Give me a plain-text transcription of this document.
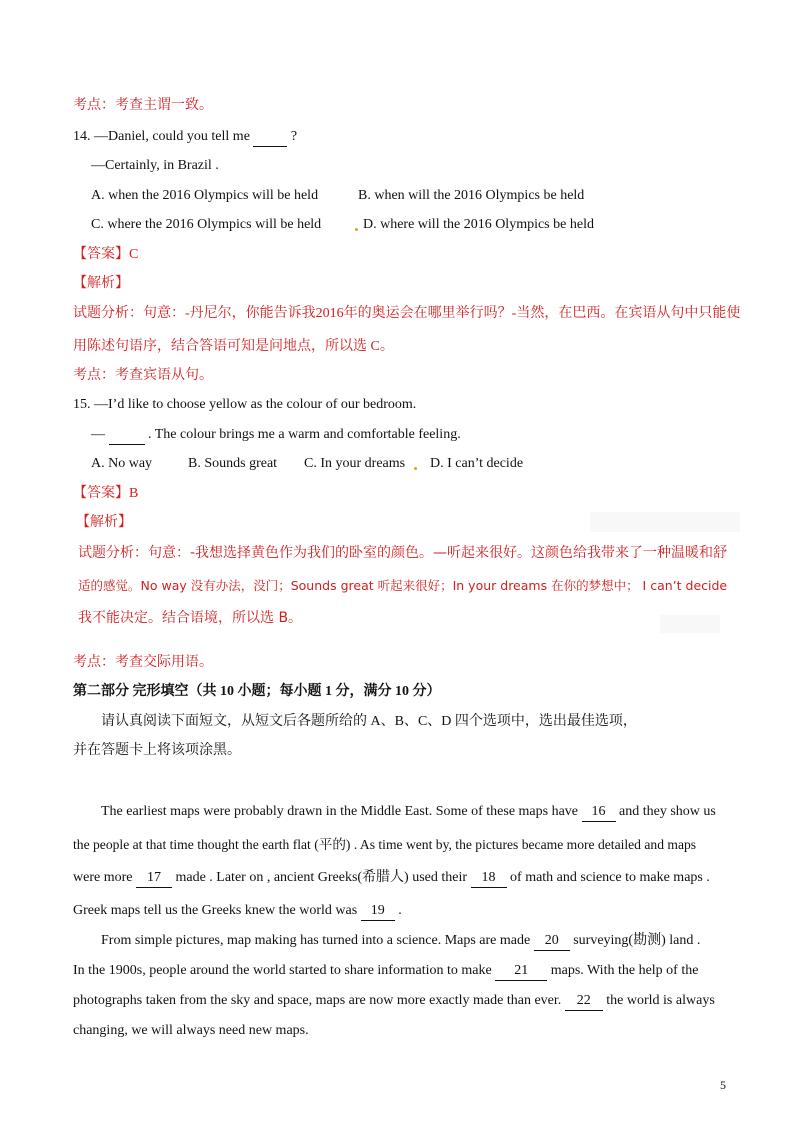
考点：考查主谓一致。
14. —Daniel, could you tell me	?
—Certainly, in Brazil .
A. when the 2016 Olympics will be held	B. when will the 2016 Olympics be held
C. where the 2016 Olympics will be held	D. where will the 2016 Olympics be held
【答案】C
【解析】
试题分析：句意：-丹尼尔，你能告诉我2016年的奥运会在哪里举行吗？-当然，在巴西。在宾语从句中只能使
用陈述句语序，结合答语可知是问地点，所以选 C。
考点：考查宾语从句。
15. —I’d like to choose yellow as the colour of our bedroom.
—	. The colour brings me a warm and comfortable feeling.
A. No way	B. Sounds great C. In your dreams D. I can’t decide
【答案】B
【解析】
试题分析：句意：-我想选择黄色作为我们的卧室的颜色。—听起来很好。这颜色给我带来了一种温暖和舒
适的感觉。No way 没有办法，没门；Sounds great 听起来很好；In your dreams 在你的梦想中； I can’t decide
我不能决定。结合语境，所以选 B。
考点：考查交际用语。
第二部分 完形填空（共 10 小题；每小题 1 分，满分 10 分）
请认真阅读下面短文，从短文后各题所给的 A、B、C、D 四个选项中，选出最佳选项，
并在答题卡上将该项涂黑。
The earliest maps were probably drawn in the Middle East. Some of these maps have 16 and they show us
the people at that time thought the earth flat (平的) . As time went by, the pictures became more detailed and maps
were more 17 made . Later on , ancient Greeks(希腊人) used their 18 of math and science to make maps .
Greek maps tell us the Greeks knew the world was 19 .
From simple pictures, map making has turned into a science. Maps are made 20 surveying(勘测) land .
In the 1900s, people around the world started to share information to make 21 maps. With the help of the
photographs taken from the sky and space, maps are now more exactly made than ever. 22 the world is always
changing, we will always need new maps.
5
